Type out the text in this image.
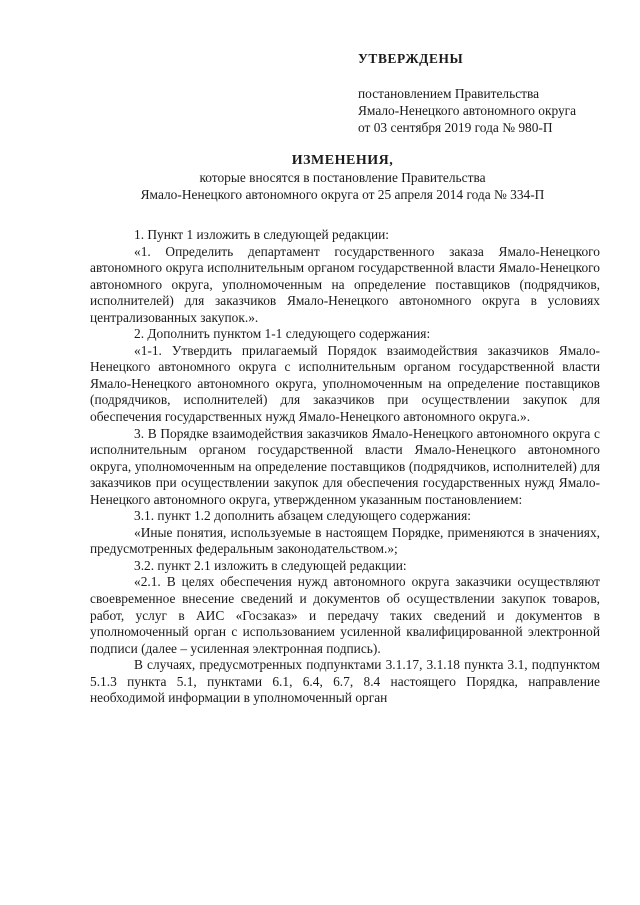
УТВЕРЖДЕНЫ
постановлением Правительства
Ямало-Ненецкого автономного округа
от 03 сентября 2019 года № 980-П
ИЗМЕНЕНИЯ,
которые вносятся в постановление Правительства
Ямало-Ненецкого автономного округа от 25 апреля 2014 года № 334-П

1. Пункт 1 изложить в следующей редакции:

«1. Определить департамент государственного заказа Ямало-Ненецкого автономного округа исполнительным органом государственной власти Ямало-Ненецкого автономного округа, уполномоченным на определение поставщиков (подрядчиков, исполнителей) для заказчиков Ямало-Ненецкого автономного округа в условиях централизованных закупок.».

2. Дополнить пунктом 1-1 следующего содержания:

«1-1. Утвердить прилагаемый Порядок взаимодействия заказчиков Ямало-Ненецкого автономного округа с исполнительным органом государственной власти Ямало-Ненецкого автономного округа, уполномоченным на определение поставщиков (подрядчиков, исполнителей) для заказчиков при осуществлении закупок для обеспечения государственных нужд Ямало-Ненецкого автономного округа.».

3. В Порядке взаимодействия заказчиков Ямало-Ненецкого автономного округа с исполнительным органом государственной власти Ямало-Ненецкого автономного округа, уполномоченным на определение поставщиков (подрядчиков, исполнителей) для заказчиков при осуществлении закупок для обеспечения государственных нужд Ямало-Ненецкого автономного округа, утвержденном указанным постановлением:

3.1. пункт 1.2 дополнить абзацем следующего содержания:

«Иные понятия, используемые в настоящем Порядке, применяются в значениях, предусмотренных федеральным законодательством.»;

3.2. пункт 2.1 изложить в следующей редакции:

«2.1. В целях обеспечения нужд автономного округа заказчики осуществляют своевременное внесение сведений и документов об осуществлении закупок товаров, работ, услуг в АИС «Госзаказ» и передачу таких сведений и документов в уполномоченный орган с использованием усиленной квалифицированной электронной подписи (далее – усиленная электронная подпись).

В случаях, предусмотренных подпунктами 3.1.17, 3.1.18 пункта 3.1, подпунктом 5.1.3 пункта 5.1, пунктами 6.1, 6.4, 6.7, 8.4 настоящего Порядка, направление необходимой информации в уполномоченный орган
